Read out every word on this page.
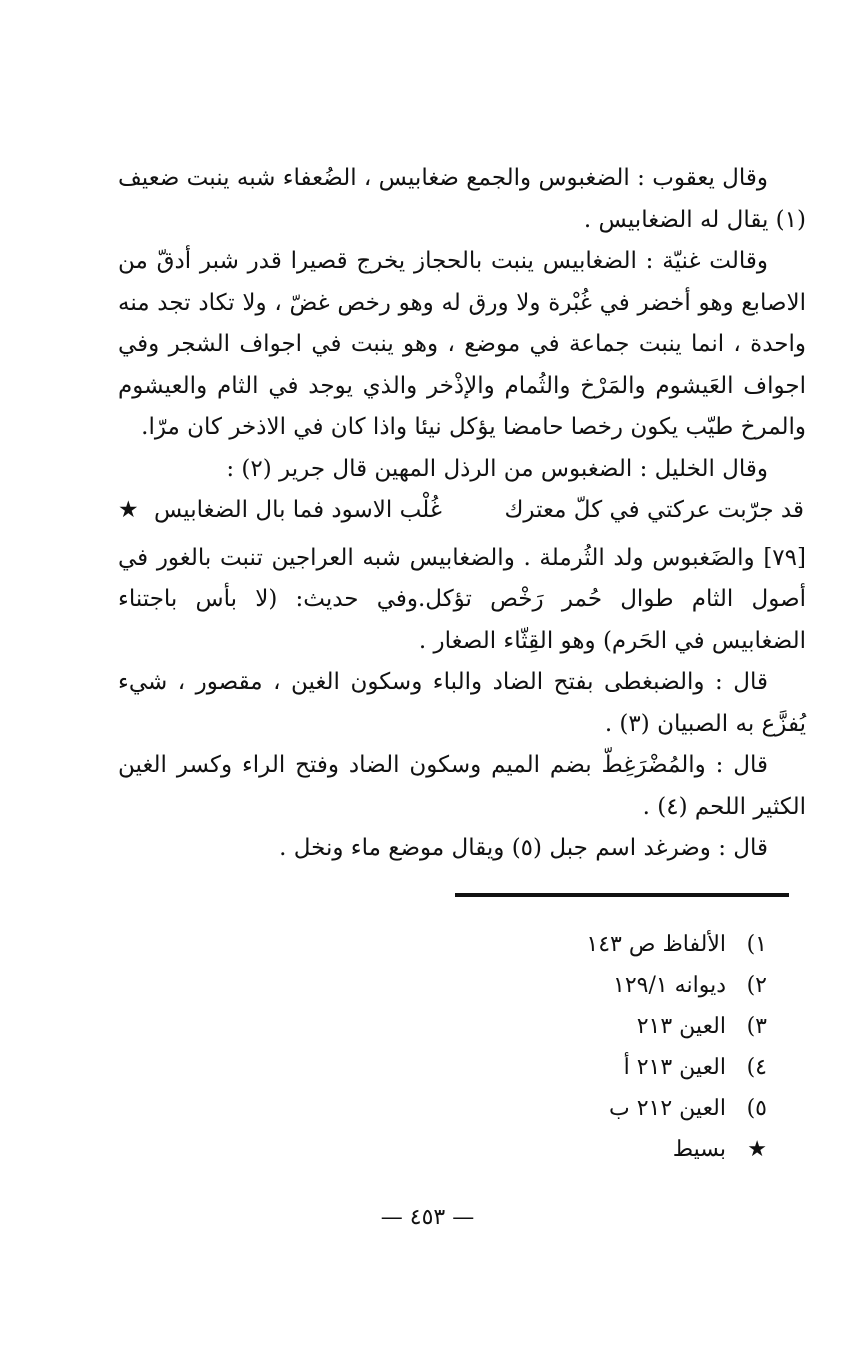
وقال يعقوب : الضغبوس والجمع ضغابيس ، الضُعفاء شبه ينبت ضعيف (١) يقال له الضغابيس .

وقالت غنيّة : الضغابيس ينبت بالحجاز يخرج قصيرا قدر شبر أدقّ من الاصابع وهو أخضر في غُبْرة ولا ورق له وهو رخص غضّ ، ولا تكاد تجد منه واحدة ، انما ينبت جماعة في موضع ، وهو ينبت في اجواف الشجر وفي اجواف العَيشوم والمَرْخ والثُمام والإذْخر والذي يوجد في الثام والعيشوم والمرخ طيّب يكون رخصا حامضا يؤكل نيئا واذا كان في الاذخر كان مرّا.

وقال الخليل : الضغبوس من الرذل المهين قال جرير (٢) :

قد جرّبت عركتي في كلّ معترك
غُلْب الاسود فما بال الضغابيس ★

[٧٩] والضَغبوس ولد الثُرملة . والضغابيس شبه العراجين تنبت بالغور في أصول الثام طوال حُمر رَخْص تؤكل.وفي حديث: (لا بأس باجتناء الضغابيس في الحَرم) وهو القِثّاء الصغار .

قال : والضبغطى بفتح الضاد والباء وسكون الغين ، مقصور ، شيء يُفزَّع به الصبيان (٣) .

قال : والمُضْرَغِطّ بضم الميم وسكون الضاد وفتح الراء وكسر الغين الكثير اللحم (٤) .

قال : وضرغد اسم جبل (٥) ويقال موضع ماء ونخل .

١) الألفاظ ص ١٤٣
٢) ديوانه ١٢٩/١
٣) العين ٢١٣
٤) العين ٢١٣ أ
٥) العين ٢١٢ ب
★ بسيط
— ٤٥٣ —
